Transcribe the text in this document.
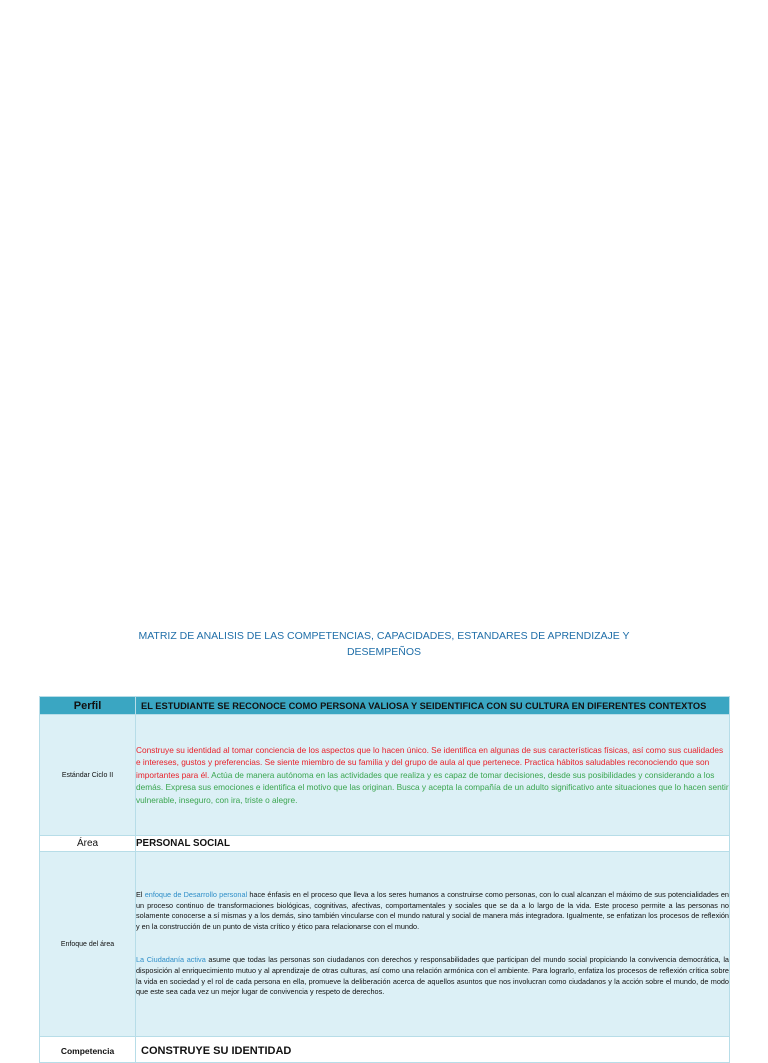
MATRIZ DE ANALISIS DE LAS COMPETENCIAS, CAPACIDADES, ESTANDARES DE APRENDIZAJE Y
DESEMPEÑOS
Perfil	EL ESTUDIANTE SE RECONOCE COMO PERSONA VALIOSA Y SEIDENTIFICA CON SU CULTURA EN DIFERENTES CONTEXTOS
Estándar Ciclo II	Construye su identidad al tomar conciencia de los aspectos que lo hacen único. Se identifica en algunas de sus características físicas, así como sus cualidades e intereses, gustos y preferencias. Se siente miembro de su familia y del grupo de aula al que pertenece. Practica hábitos saludables reconociendo que son importantes para él. Actúa de manera autónoma en las actividades que realiza y es capaz de tomar decisiones, desde sus posibilidades y considerando a los demás. Expresa sus emociones e identifica el motivo que las originan. Busca y acepta la compañía de un adulto significativo ante situaciones que lo hacen sentir vulnerable, inseguro, con ira, triste o alegre.
Área	PERSONAL SOCIAL
Enfoque del área	El enfoque de Desarrollo personal hace énfasis en el proceso que lleva a los seres humanos a construirse como personas, con lo cual alcanzan el máximo de sus potencialidades en un proceso continuo de transformaciones biológicas, cognitivas, afectivas, comportamentales y sociales que se da a lo largo de la vida. Este proceso permite a las personas no solamente conocerse a sí mismas y a los demás, sino también vincularse con el mundo natural y social de manera más integradora. Igualmente, se enfatizan los procesos de reflexión y en la construcción de un punto de vista crítico y ético para relacionarse con el mundo.

La Ciudadanía activa asume que todas las personas son ciudadanos con derechos y responsabilidades que participan del mundo social propiciando la convivencia democrática, la disposición al enriquecimiento mutuo y al aprendizaje de otras culturas, así como una relación armónica con el ambiente. Para lograrlo, enfatiza los procesos de reflexión crítica sobre la vida en sociedad y el rol de cada persona en ella, promueve la deliberación acerca de aquellos asuntos que nos involucran como ciudadanos y la acción sobre el mundo, de modo que este sea cada vez un mejor lugar de convivencia y respeto de derechos.

Competencia	CONSTRUYE SU IDENTIDAD
